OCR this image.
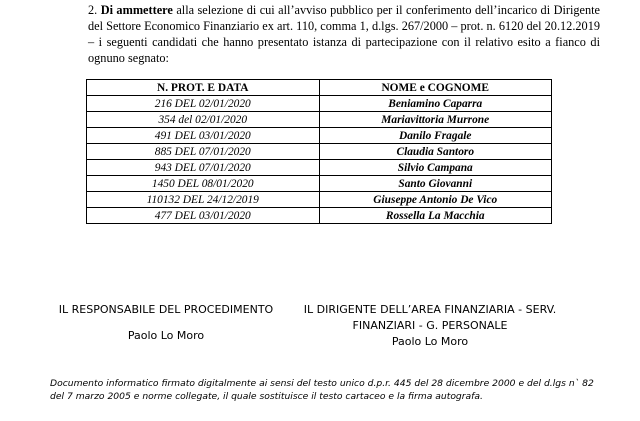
2. Di ammettere alla selezione di cui all’avviso pubblico per il conferimento dell’incarico di Dirigente del Settore Economico Finanziario ex art. 110, comma 1, d.lgs. 267/2000 – prot. n. 6120 del 20.12.2019 – i seguenti candidati che hanno presentato istanza di partecipazione con il relativo esito a fianco di ognuno segnato:
N. PROT. E DATA	NOME e COGNOME
216 DEL 02/01/2020	Beniamino Caparra
354 del 02/01/2020	Mariavittoria Murrone
491 DEL 03/01/2020	Danilo Fragale
885 DEL 07/01/2020	Claudia Santoro
943 DEL 07/01/2020	Silvio Campana
1450 DEL 08/01/2020	Santo Giovanni
110132 DEL 24/12/2019	Giuseppe Antonio De Vico
477 DEL 03/01/2020	Rossella La Macchia
IL RESPONSABILE DEL PROCEDIMENTO
Paolo Lo Moro
IL DIRIGENTE DELL’AREA FINANZIARIA - SERV.
FINANZIARI - G. PERSONALE
Paolo Lo Moro
Documento informatico firmato digitalmente ai sensi del testo unico d.p.r. 445 del 28 dicembre 2000 e del d.lgs n` 82 del 7 marzo 2005 e norme collegate, il quale sostituisce il testo cartaceo e la firma autografa.
